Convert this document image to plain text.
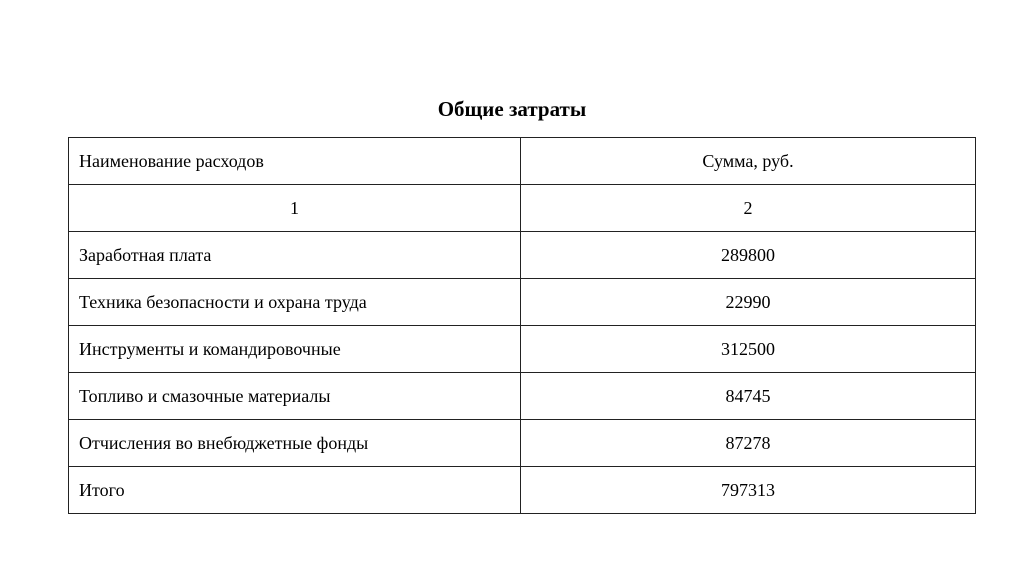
Общие затраты
Наименование расходов	Сумма, руб.
1	2
Заработная плата	289800
Техника безопасности и охрана труда	22990
Инструменты и командировочные	312500
Топливо и смазочные материалы	84745
Отчисления во внебюджетные фонды	87278
Итого	797313
